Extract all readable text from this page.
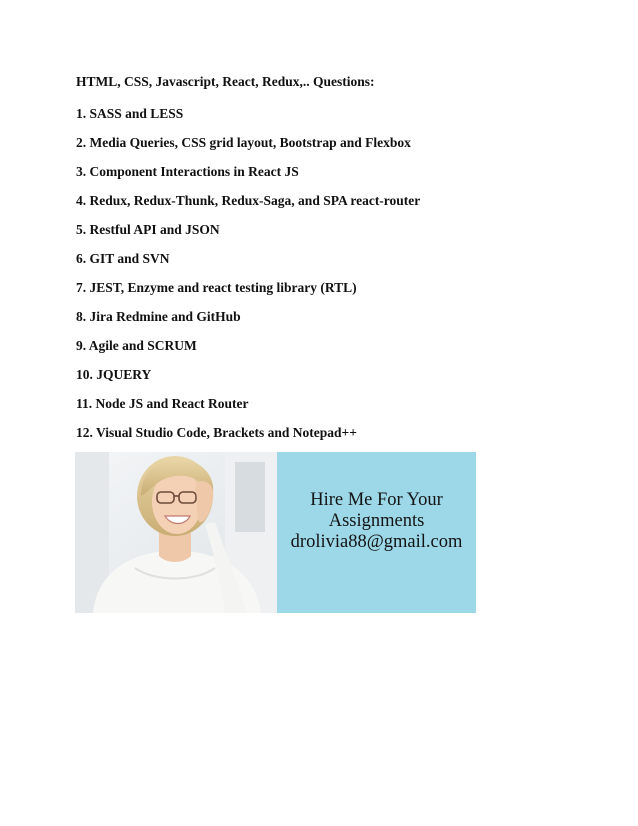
HTML, CSS, Javascript, React, Redux,.. Questions:
1. SASS and LESS
2. Media Queries, CSS grid layout, Bootstrap and Flexbox
3. Component Interactions in React JS
4. Redux, Redux-Thunk, Redux-Saga, and SPA react-router
5. Restful API and JSON
6. GIT and SVN
7. JEST, Enzyme and react testing library (RTL)
8. Jira Redmine and GitHub
9. Agile and SCRUM
10. JQUERY
11. Node JS and React Router
12. Visual Studio Code, Brackets and Notepad++
Hire Me For Your
Assignments
drolivia88@gmail.com
